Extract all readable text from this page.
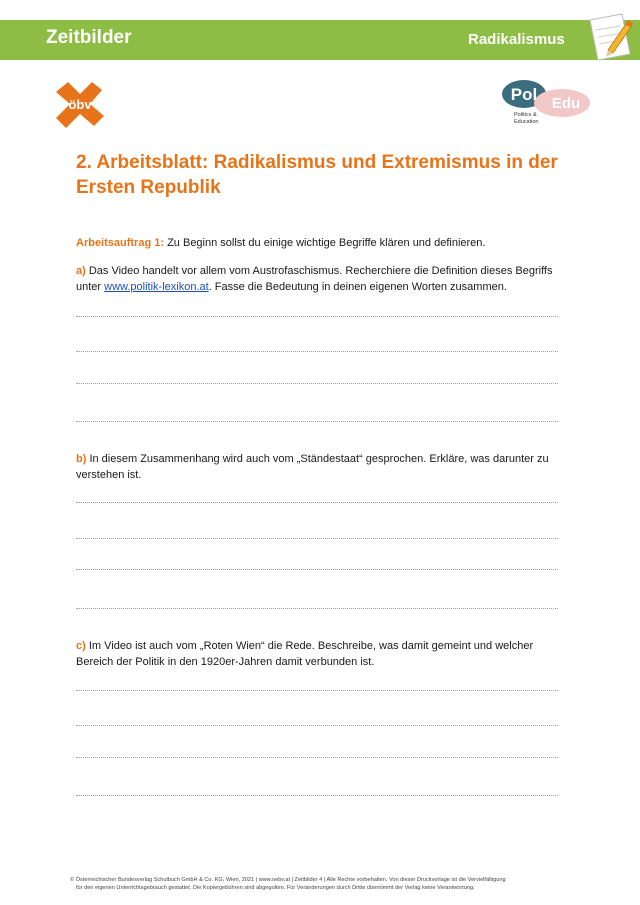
Zeitbilder	Radikalismus
öbv
Pol Edu
Politics &
Education
2. Arbeitsblatt: Radikalismus und Extremismus in der
Ersten Republik
Arbeitsauftrag 1: Zu Beginn sollst du einige wichtige Begriffe klären und definieren.
a) Das Video handelt vor allem vom Austrofaschismus. Recherchiere die Definition dieses Begriffs unter www.politik-lexikon.at. Fasse die Bedeutung in deinen eigenen Worten zusammen.
b) In diesem Zusammenhang wird auch vom „Ständestaat“ gesprochen. Erkläre, was darunter zu verstehen ist.
c) Im Video ist auch vom „Roten Wien“ die Rede. Beschreibe, was damit gemeint und welcher Bereich der Politik in den 1920er-Jahren damit verbunden ist.
© Österreichischer Bundesverlag Schulbuch GmbH & Co. KG, Wien, 2021 | www.oebv.at | Zeitbilder 4 | Alle Rechte vorbehalten. Von dieser Druckvorlage ist die Vervielfältigung
für den eigenen Unterrichtsgebrauch gestattet. Die Kopiergebühren sind abgegolten. Für Veränderungen durch Dritte übernimmt der Verlag keine Verantwortung.
